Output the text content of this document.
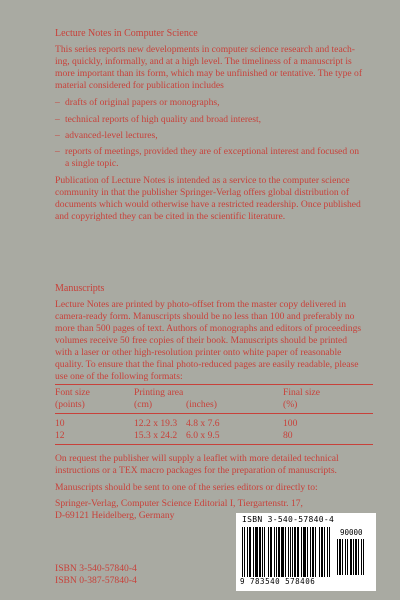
Lecture Notes in Computer Science
This series reports new developments in computer science research and teach-
ing, quickly, informally, and at a high level. The timeliness of a manuscript is
more important than its form, which may be unfinished or tentative. The type of
material considered for publication includes
– drafts of original papers or monographs,
– technical reports of high quality and broad interest,
– advanced-level lectures,
– reports of meetings, provided they are of exceptional interest and focused on
a single topic.
Publication of Lecture Notes is intended as a service to the computer science
community in that the publisher Springer-Verlag offers global distribution of
documents which would otherwise have a restricted readership. Once published
and copyrighted they can be cited in the scientific literature.
Manuscripts
Lecture Notes are printed by photo-offset from the master copy delivered in
camera-ready form. Manuscripts should be no less than 100 and preferably no
more than 500 pages of text. Authors of monographs and editors of proceedings
volumes receive 50 free copies of their book. Manuscripts should be printed
with a laser or other high-resolution printer onto white paper of reasonable
quality. To ensure that the final photo-reduced pages are easily readable, please
use one of the following formats:
Font size	Printing area		Final size
(points)	(cm)	(inches)	(%)
10	12.2 x 19.3	4.8 x 7.6	100
12	15.3 x 24.2	6.0 x 9.5	80
On request the publisher will supply a leaflet with more detailed technical
instructions or a TEX macro packages for the preparation of manuscripts.
Manuscripts should be sent to one of the series editors or directly to:
Springer-Verlag, Computer Science Editorial I, Tiergartenstr. 17,
D-69121 Heidelberg, Germany
ISBN 3-540-57840-4
ISBN 0-387-57840-4
ISBN 3-540-57840-4
90000
9 783540 578406
